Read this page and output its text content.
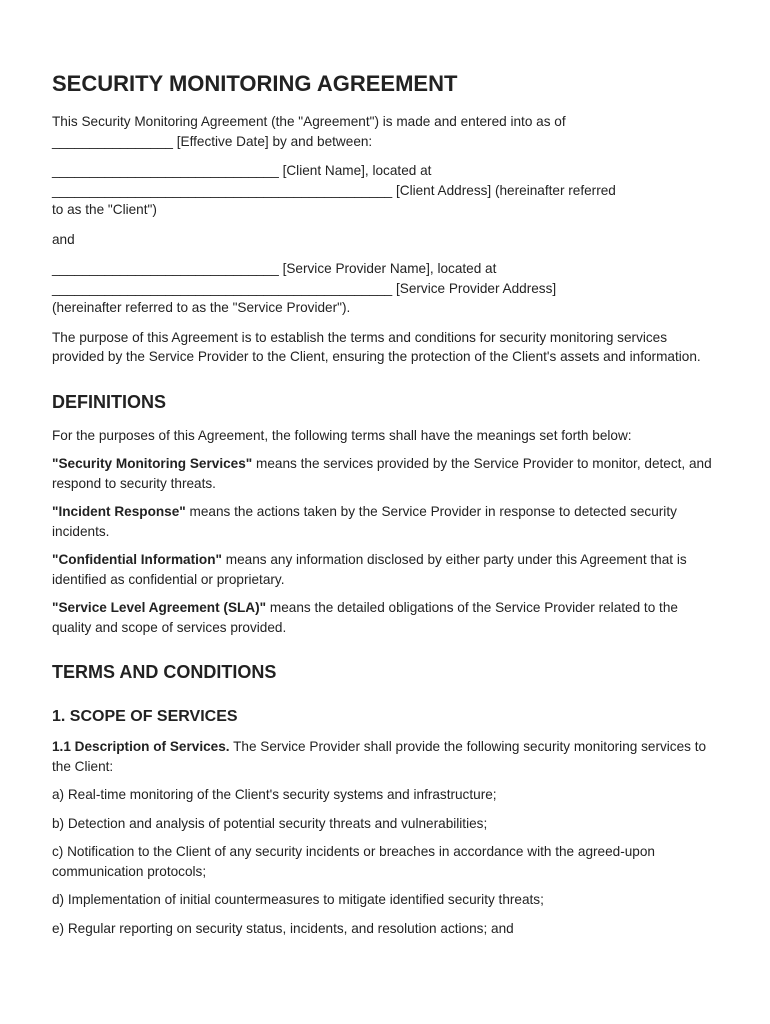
SECURITY MONITORING AGREEMENT

This Security Monitoring Agreement (the "Agreement") is made and entered into as of

________________ [Effective Date] by and between:

______________________________ [Client Name], located at

_____________________________________________ [Client Address] (hereinafter referred

to as the "Client")

and

______________________________ [Service Provider Name], located at

_____________________________________________ [Service Provider Address]

(hereinafter referred to as the "Service Provider").

The purpose of this Agreement is to establish the terms and conditions for security monitoring services provided by the Service Provider to the Client, ensuring the protection of the Client's assets and information.

DEFINITIONS

For the purposes of this Agreement, the following terms shall have the meanings set forth below:

"Security Monitoring Services" means the services provided by the Service Provider to monitor, detect, and respond to security threats.

"Incident Response" means the actions taken by the Service Provider in response to detected security incidents.

"Confidential Information" means any information disclosed by either party under this Agreement that is identified as confidential or proprietary.

"Service Level Agreement (SLA)" means the detailed obligations of the Service Provider related to the quality and scope of services provided.

TERMS AND CONDITIONS
1. SCOPE OF SERVICES

1.1 Description of Services. The Service Provider shall provide the following security monitoring services to the Client:

a) Real-time monitoring of the Client's security systems and infrastructure;

b) Detection and analysis of potential security threats and vulnerabilities;

c) Notification to the Client of any security incidents or breaches in accordance with the agreed-upon communication protocols;

d) Implementation of initial countermeasures to mitigate identified security threats;

e) Regular reporting on security status, incidents, and resolution actions; and
